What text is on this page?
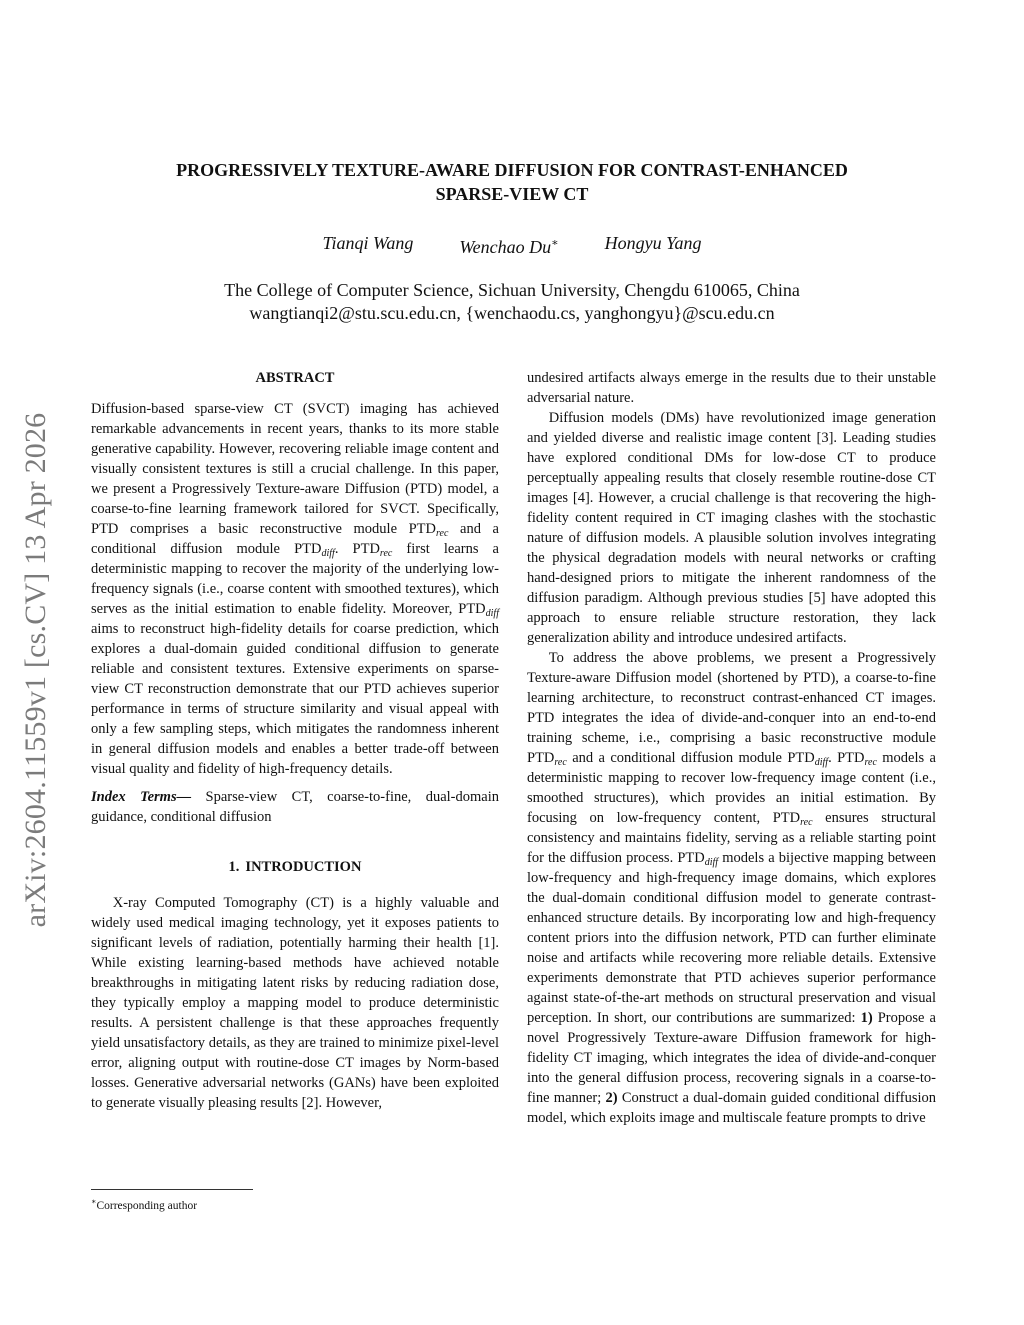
arXiv:2604.11559v1 [cs.CV] 13 Apr 2026
PROGRESSIVELY TEXTURE-AWARE DIFFUSION FOR CONTRAST-ENHANCED
SPARSE-VIEW CT
Tianqi Wang	Wenchao Du∗	Hongyu Yang
The College of Computer Science, Sichuan University, Chengdu 610065, China
wangtianqi2@stu.scu.edu.cn, {wenchaodu.cs, yanghongyu}@scu.edu.cn
ABSTRACT

Diffusion-based sparse-view CT (SVCT) imaging has achieved remarkable advancements in recent years, thanks to its more stable generative capability. However, recovering reliable image content and visually consistent textures is still a crucial challenge. In this paper, we present a Progressively Texture-aware Diffusion (PTD) model, a coarse-to-fine learning framework tailored for SVCT. Specifically, PTD comprises a basic reconstructive module $PTD_{rec}$ and a conditional diffusion module $PTD_{diff}$. $PTD_{rec}$ first learns a deterministic mapping to recover the majority of the underlying low-frequency signals (i.e., coarse content with smoothed textures), which serves as the initial estimation to enable fidelity. Moreover, $PTD_{diff}$ aims to reconstruct high-fidelity details for coarse prediction, which explores a dual-domain guided conditional diffusion to generate reliable and consistent textures. Extensive experiments on sparse-view CT reconstruction demonstrate that our PTD achieves superior performance in terms of structure similarity and visual appeal with only a few sampling steps, which mitigates the randomness inherent in general diffusion models and enables a better trade-off between visual quality and fidelity of high-frequency details.

Index Terms— Sparse-view CT, coarse-to-fine, dual-domain guidance, conditional diffusion

1. INTRODUCTION

X-ray Computed Tomography (CT) is a highly valuable and widely used medical imaging technology, yet it exposes patients to significant levels of radiation, potentially harming their health [1]. While existing learning-based methods have achieved notable breakthroughs in mitigating latent risks by reducing radiation dose, they typically employ a mapping model to produce deterministic results. A persistent challenge is that these approaches frequently yield unsatisfactory details, as they are trained to minimize pixel-level error, aligning output with routine-dose CT images by Norm-based losses. Generative adversarial networks (GANs) have been exploited to generate visually pleasing results [2]. However,

undesired artifacts always emerge in the results due to their unstable adversarial nature.

Diffusion models (DMs) have revolutionized image generation and yielded diverse and realistic image content [3]. Leading studies have explored conditional DMs for low-dose CT to produce perceptually appealing results that closely resemble routine-dose CT images [4]. However, a crucial challenge is that recovering the high-fidelity content required in CT imaging clashes with the stochastic nature of diffusion models. A plausible solution involves integrating the physical degradation models with neural networks or crafting hand-designed priors to mitigate the inherent randomness of the diffusion paradigm. Although previous studies [5] have adopted this approach to ensure reliable structure restoration, they lack generalization ability and introduce undesired artifacts.

To address the above problems, we present a Progressively Texture-aware Diffusion model (shortened by PTD), a coarse-to-fine learning architecture, to reconstruct contrast-enhanced CT images. PTD integrates the idea of divide-and-conquer into an end-to-end training scheme, i.e., comprising a basic reconstructive module $PTD_{rec}$ and a conditional diffusion module $PTD_{diff}$. $PTD_{rec}$ models a deterministic mapping to recover low-frequency image content (i.e., smoothed structures), which provides an initial estimation. By focusing on low-frequency content, $PTD_{rec}$ ensures structural consistency and maintains fidelity, serving as a reliable starting point for the diffusion process. $PTD_{diff}$ models a bijective mapping between low-frequency and high-frequency image domains, which explores the dual-domain conditional diffusion model to generate contrast-enhanced structure details. By incorporating low and high-frequency content priors into the diffusion network, PTD can further eliminate noise and artifacts while recovering more reliable details. Extensive experiments demonstrate that PTD achieves superior performance against state-of-the-art methods on structural preservation and visual perception. In short, our contributions are summarized: 1) Propose a novel Progressively Texture-aware Diffusion framework for high-fidelity CT imaging, which integrates the idea of divide-and-conquer into the general diffusion process, recovering signals in a coarse-to-fine manner; 2) Construct a dual-domain guided conditional diffusion model, which exploits image and multiscale feature prompts to drive

∗Corresponding author
